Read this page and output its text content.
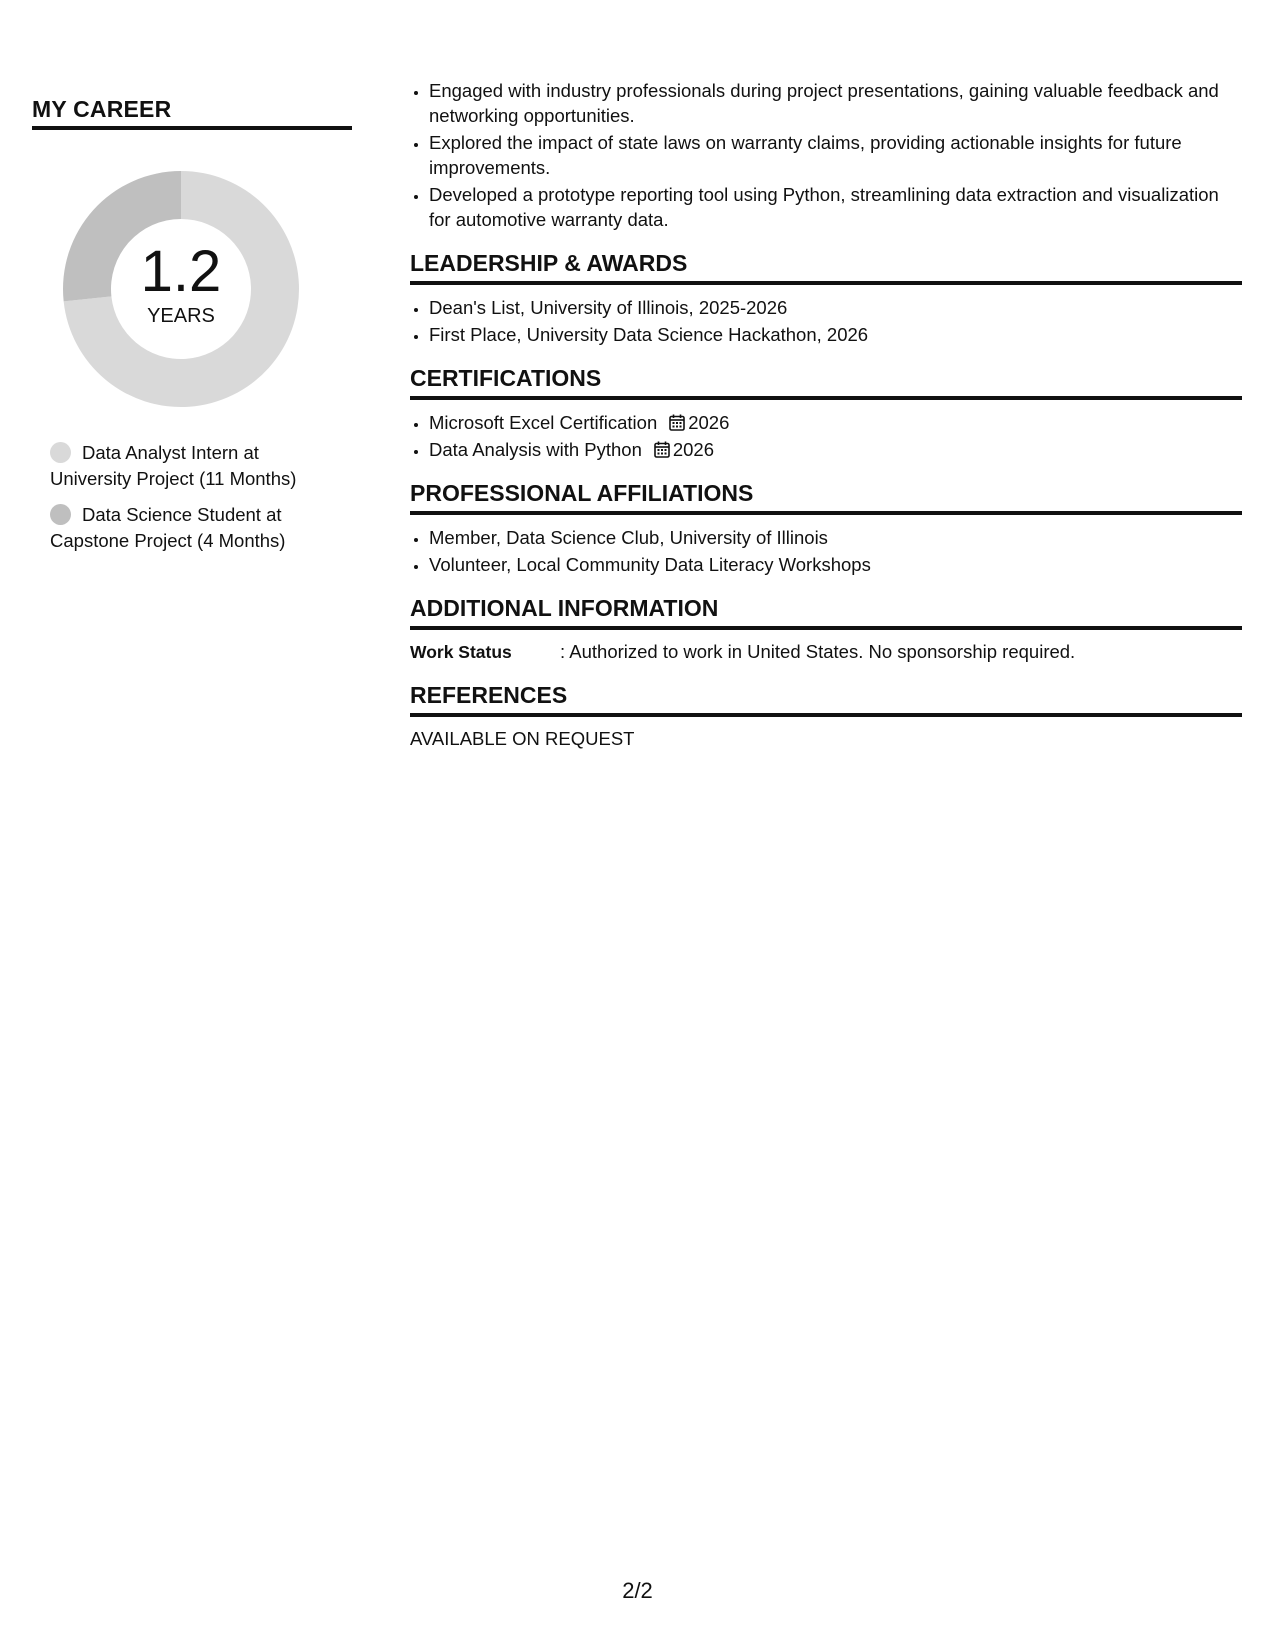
MY CAREER
1.2
YEARS
Data Analyst Intern at University Project (11 Months)
Data Science Student at Capstone Project (4 Months)
• Engaged with industry professionals during project presentations, gaining valuable feedback and networking opportunities.
• Explored the impact of state laws on warranty claims, providing actionable insights for future improvements.
• Developed a prototype reporting tool using Python, streamlining data extraction and visualization for automotive warranty data.
LEADERSHIP & AWARDS
• Dean's List, University of Illinois, 2025-2026
• First Place, University Data Science Hackathon, 2026
CERTIFICATIONS
• Microsoft Excel Certification 2026
• Data Analysis with Python 2026
PROFESSIONAL AFFILIATIONS
• Member, Data Science Club, University of Illinois
• Volunteer, Local Community Data Literacy Workshops
ADDITIONAL INFORMATION
Work Status	: Authorized to work in United States. No sponsorship required.
REFERENCES
AVAILABLE ON REQUEST
2/2
